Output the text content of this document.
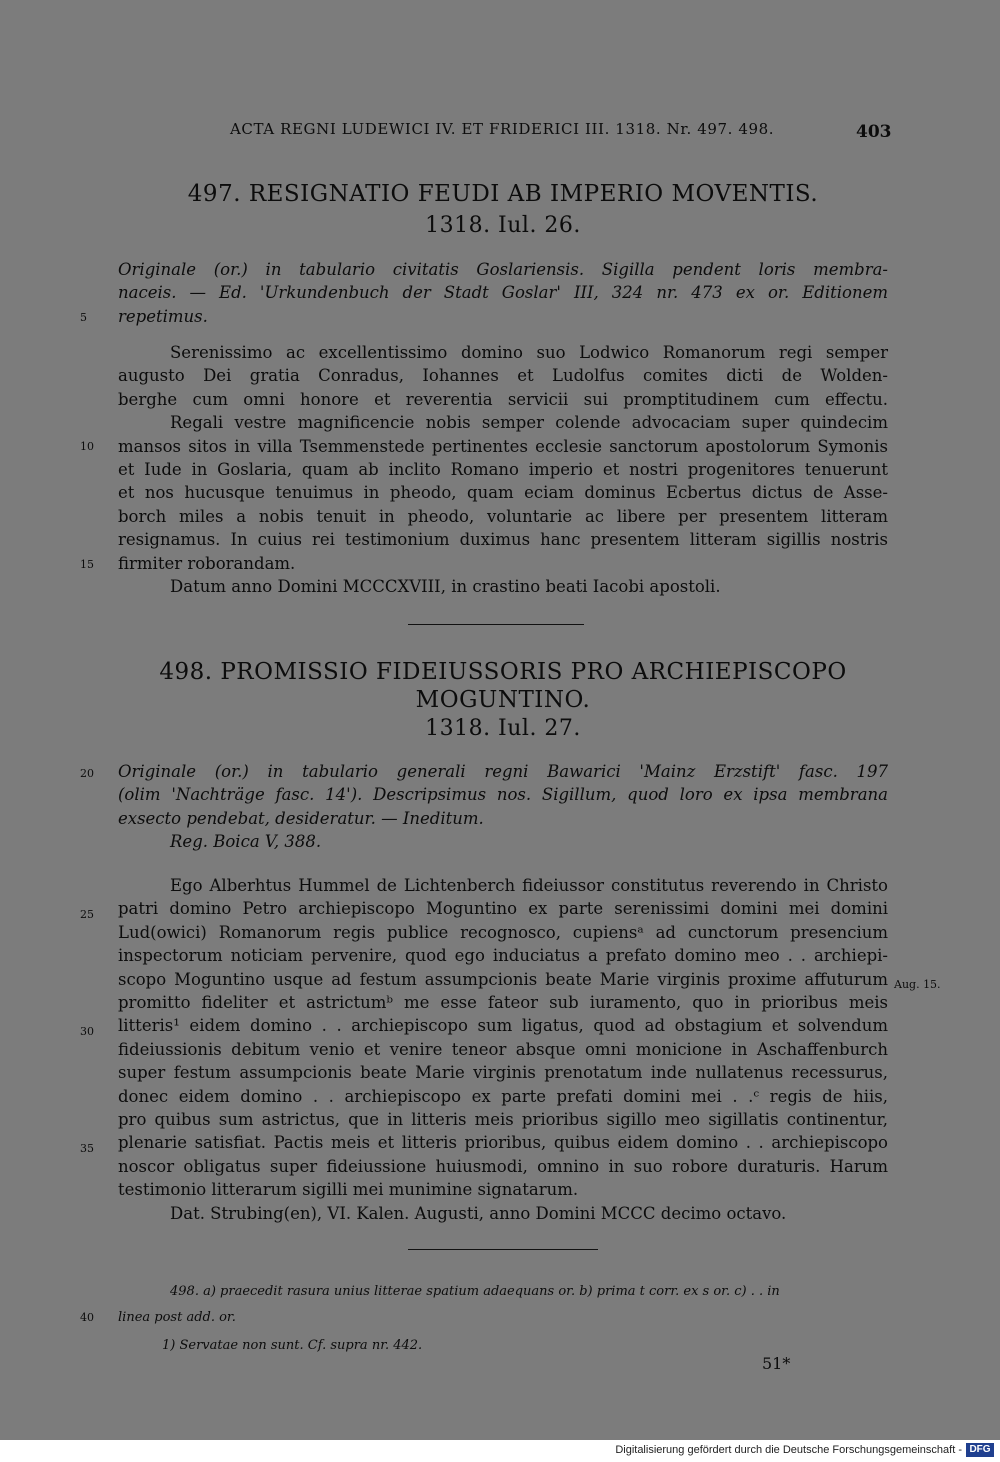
ACTA REGNI LUDEWICI IV. ET FRIDERICI III. 1318. Nr. 497. 498.	403
497. RESIGNATIO FEUDI AB IMPERIO MOVENTIS.
1318. Iul. 26.
Originale (or.) in tabulario civitatis Goslariensis. Sigilla pendent loris membra-
naceis. — Ed. 'Urkundenbuch der Stadt Goslar' III, 324 nr. 473 ex or. Editionem
repetimus.
Serenissimo ac excellentissimo domino suo Lodwico Romanorum regi semper
augusto Dei gratia Conradus, Iohannes et Ludolfus comites dicti de Wolden-
berghe cum omni honore et reverentia servicii sui promptitudinem cum effectu.
Regali vestre magnificencie nobis semper colende advocaciam super quindecim
mansos sitos in villa Tsemmenstede pertinentes ecclesie sanctorum apostolorum Symonis
et Iude in Goslaria, quam ab inclito Romano imperio et nostri progenitores tenuerunt
et nos hucusque tenuimus in pheodo, quam eciam dominus Ecbertus dictus de Asse-
borch miles a nobis tenuit in pheodo, voluntarie ac libere per presentem litteram
resignamus. In cuius rei testimonium duximus hanc presentem litteram sigillis nostris
firmiter roborandam.
Datum anno Domini MCCCXVIII, in crastino beati Iacobi apostoli.
498. PROMISSIO FIDEIUSSORIS PRO ARCHIEPISCOPO
MOGUNTINO.
1318. Iul. 27.
Originale (or.) in tabulario generali regni Bawarici 'Mainz Erzstift' fasc. 197
(olim 'Nachträge fasc. 14'). Descripsimus nos. Sigillum, quod loro ex ipsa membrana
exsecto pendebat, desideratur. — Ineditum.
Reg. Boica V, 388.
Ego Alberhtus Hummel de Lichtenberch fideiussor constitutus reverendo in Christo
patri domino Petro archiepiscopo Moguntino ex parte serenissimi domini mei domini
Lud(owici) Romanorum regis publice recognosco, cupiensᵃ ad cunctorum presencium
inspectorum noticiam pervenire, quod ego induciatus a prefato domino meo . . archiepi-
scopo Moguntino usque ad festum assumpcionis beate Marie virginis proxime affuturum
promitto fideliter et astrictumᵇ me esse fateor sub iuramento, quo in prioribus meis
litteris¹ eidem domino . . archiepiscopo sum ligatus, quod ad obstagium et solvendum
fideiussionis debitum venio et venire teneor absque omni monicione in Aschaffenburch
super festum assumpcionis beate Marie virginis prenotatum inde nullatenus recessurus,
donec eidem domino . . archiepiscopo ex parte prefati domini mei . .ᶜ regis de hiis,
pro quibus sum astrictus, que in litteris meis prioribus sigillo meo sigillatis continentur,
plenarie satisfiat. Pactis meis et litteris prioribus, quibus eidem domino . . archiepiscopo
noscor obligatus super fideiussione huiusmodi, omnino in suo robore duraturis. Harum
testimonio litterarum sigilli mei munimine signatarum.
Dat. Strubing(en), VI. Kalen. Augusti, anno Domini MCCC decimo octavo.
Aug. 15.
5
10
15
20
25
30
35
40
498. a) praecedit rasura unius litterae spatium adaequans or. b) prima t corr. ex s or. c) . . in
linea post add. or.
1) Servatae non sunt. Cf. supra nr. 442.
51*
Digitalisierung gefördert durch die Deutsche Forschungsgemeinschaft - DFG
